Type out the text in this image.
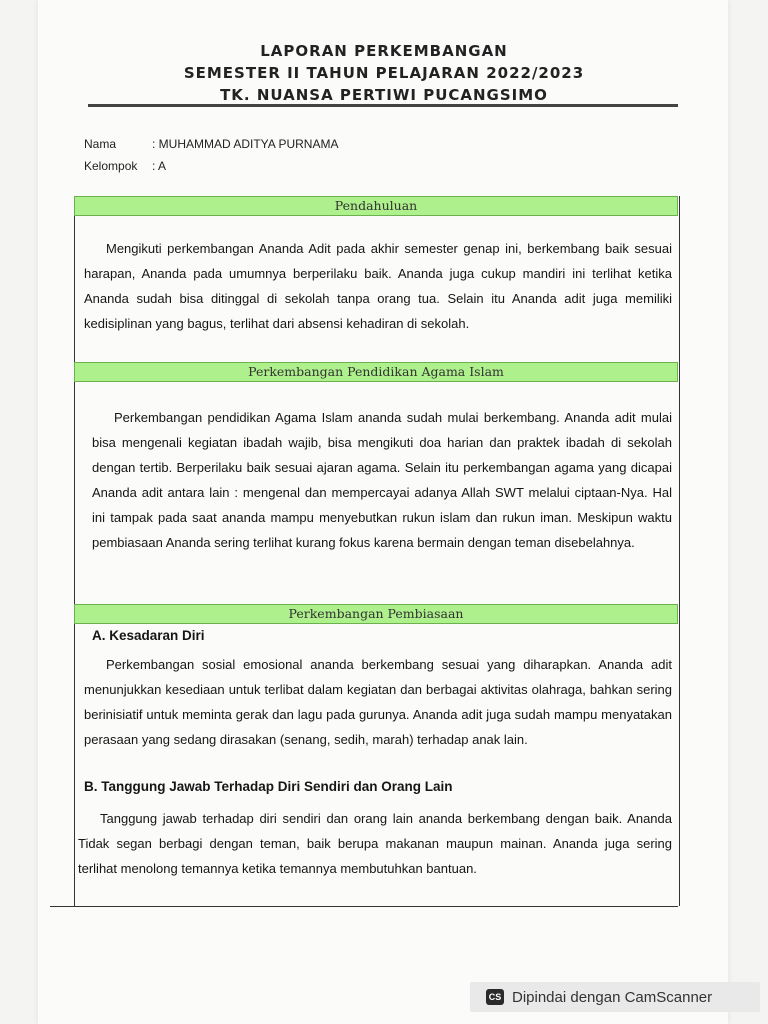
LAPORAN PERKEMBANGAN
SEMESTER II TAHUN PELAJARAN 2022/2023
TK. NUANSA PERTIWI PUCANGSIMO
Nama	: MUHAMMAD ADITYA PURNAMA
Kelompok : A
Pendahuluan
Mengikuti perkembangan Ananda Adit pada akhir semester genap ini, berkembang baik sesuai harapan, Ananda pada umumnya berperilaku baik. Ananda juga cukup mandiri ini terlihat ketika Ananda sudah bisa ditinggal di sekolah tanpa orang tua. Selain itu Ananda adit juga memiliki kedisiplinan yang bagus, terlihat dari absensi kehadiran di sekolah.
Perkembangan Pendidikan Agama Islam
Perkembangan pendidikan Agama Islam ananda sudah mulai berkembang. Ananda adit mulai bisa mengenali kegiatan ibadah wajib, bisa mengikuti doa harian dan praktek ibadah di sekolah dengan tertib. Berperilaku baik sesuai ajaran agama. Selain itu perkembangan agama yang dicapai Ananda adit antara lain : mengenal dan mempercayai adanya Allah SWT melalui ciptaan-Nya. Hal ini tampak pada saat ananda mampu menyebutkan rukun islam dan rukun iman. Meskipun waktu pembiasaan Ananda sering terlihat kurang fokus karena bermain dengan teman disebelahnya.
Perkembangan Pembiasaan
A. Kesadaran Diri
Perkembangan sosial emosional ananda berkembang sesuai yang diharapkan. Ananda adit menunjukkan kesediaan untuk terlibat dalam kegiatan dan berbagai aktivitas olahraga, bahkan sering berinisiatif untuk meminta gerak dan lagu pada gurunya. Ananda adit juga sudah mampu menyatakan perasaan yang sedang dirasakan (senang, sedih, marah) terhadap anak lain.
B. Tanggung Jawab Terhadap Diri Sendiri dan Orang Lain
Tanggung jawab terhadap diri sendiri dan orang lain ananda berkembang dengan baik. Ananda Tidak segan berbagi dengan teman, baik berupa makanan maupun mainan. Ananda juga sering terlihat menolong temannya ketika temannya membutuhkan bantuan.
CS Dipindai dengan CamScanner
